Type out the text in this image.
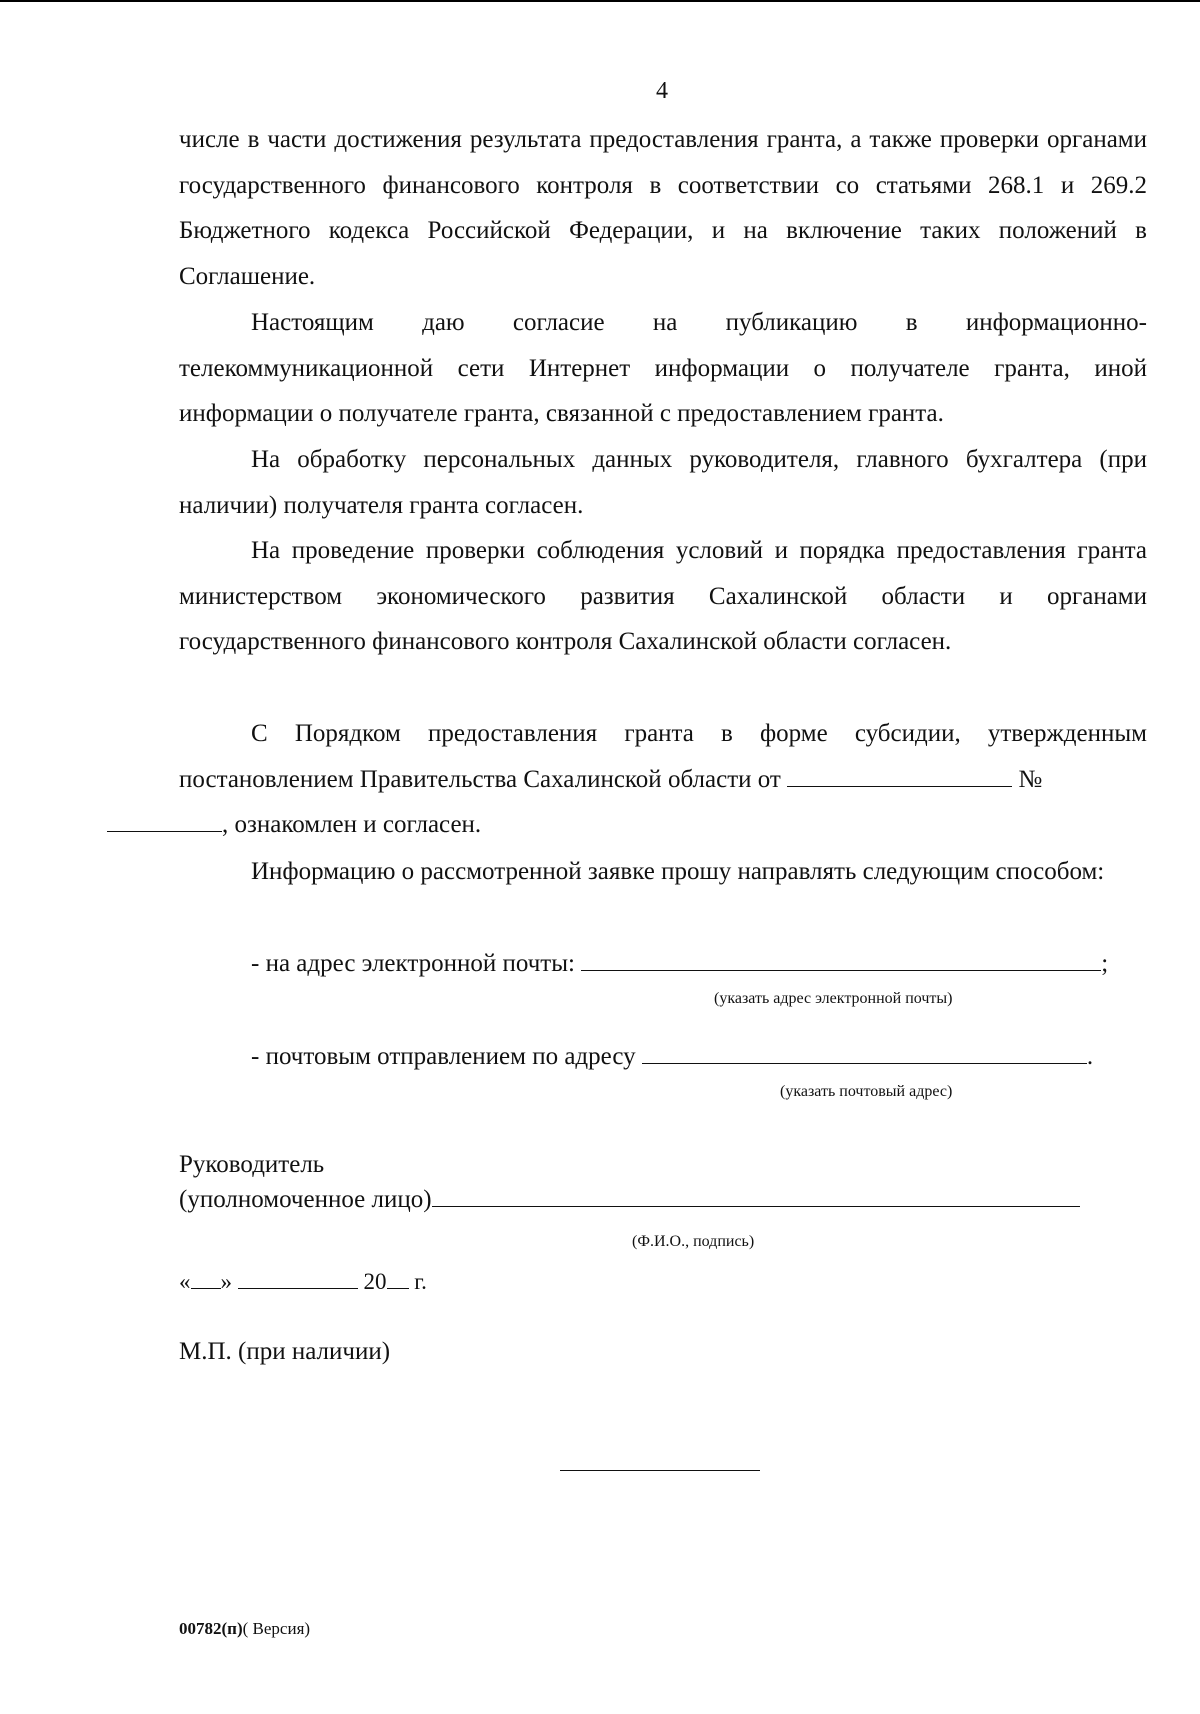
4

числе в части достижения результата предоставления гранта, а также проверки органами государственного финансового контроля в соответствии со статьями 268.1 и 269.2 Бюджетного кодекса Российской Федерации, и на включение таких положений в Соглашение.

Настоящим даю согласие на публикацию в информационно-телекоммуникационной сети Интернет информации о получателе гранта, иной информации о получателе гранта, связанной с предоставлением гранта.

На обработку персональных данных руководителя, главного бухгалтера (при наличии) получателя гранта согласен.

На проведение проверки соблюдения условий и порядка предоставления гранта министерством экономического развития Сахалинской области и органами государственного финансового контроля Сахалинской области согласен.

С Порядком предоставления гранта в форме субсидии, утвержденным постановлением Правительства Сахалинской области от	№
, ознакомлен и согласен.

Информацию о рассмотренной заявке прошу направлять следующим способом:

- на адрес электронной почты:	;
(указать адрес электронной почты)
- почтовым отправлением по адресу	.
(указать почтовый адрес)
Руководитель
(уполномоченное лицо)
(Ф.И.О., подпись)
« »	20 г.
М.П. (при наличии)
00782(п)( Версия)
